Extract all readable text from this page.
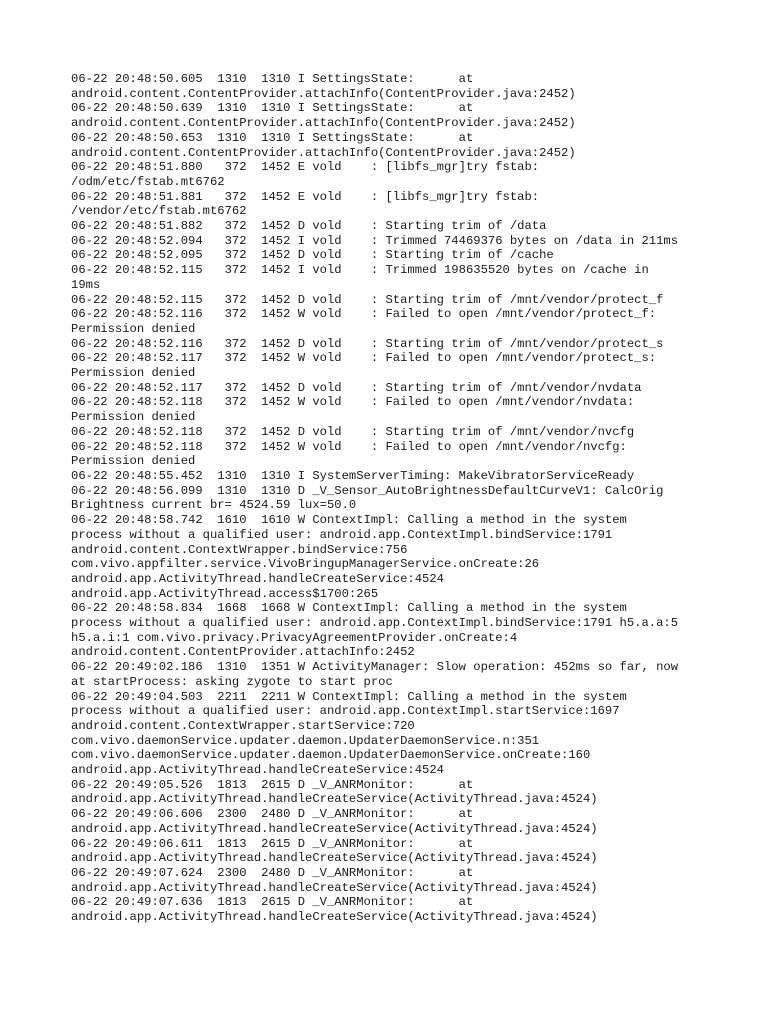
06-22 20:48:50.605  1310  1310 I SettingsState:      at
android.content.ContentProvider.attachInfo(ContentProvider.java:2452)
06-22 20:48:50.639  1310  1310 I SettingsState:      at
android.content.ContentProvider.attachInfo(ContentProvider.java:2452)
06-22 20:48:50.653  1310  1310 I SettingsState:      at
android.content.ContentProvider.attachInfo(ContentProvider.java:2452)
06-22 20:48:51.880   372  1452 E vold    : [libfs_mgr]try fstab:
/odm/etc/fstab.mt6762
06-22 20:48:51.881   372  1452 E vold    : [libfs_mgr]try fstab:
/vendor/etc/fstab.mt6762
06-22 20:48:51.882   372  1452 D vold    : Starting trim of /data
06-22 20:48:52.094   372  1452 I vold    : Trimmed 74469376 bytes on /data in 211ms
06-22 20:48:52.095   372  1452 D vold    : Starting trim of /cache
06-22 20:48:52.115   372  1452 I vold    : Trimmed 198635520 bytes on /cache in
19ms
06-22 20:48:52.115   372  1452 D vold    : Starting trim of /mnt/vendor/protect_f
06-22 20:48:52.116   372  1452 W vold    : Failed to open /mnt/vendor/protect_f:
Permission denied
06-22 20:48:52.116   372  1452 D vold    : Starting trim of /mnt/vendor/protect_s
06-22 20:48:52.117   372  1452 W vold    : Failed to open /mnt/vendor/protect_s:
Permission denied
06-22 20:48:52.117   372  1452 D vold    : Starting trim of /mnt/vendor/nvdata
06-22 20:48:52.118   372  1452 W vold    : Failed to open /mnt/vendor/nvdata:
Permission denied
06-22 20:48:52.118   372  1452 D vold    : Starting trim of /mnt/vendor/nvcfg
06-22 20:48:52.118   372  1452 W vold    : Failed to open /mnt/vendor/nvcfg:
Permission denied
06-22 20:48:55.452  1310  1310 I SystemServerTiming: MakeVibratorServiceReady
06-22 20:48:56.099  1310  1310 D _V_Sensor_AutoBrightnessDefaultCurveV1: CalcOrig
Brightness current br= 4524.59 lux=50.0
06-22 20:48:58.742  1610  1610 W ContextImpl: Calling a method in the system
process without a qualified user: android.app.ContextImpl.bindService:1791
android.content.ContextWrapper.bindService:756
com.vivo.appfilter.service.VivoBringupManagerService.onCreate:26
android.app.ActivityThread.handleCreateService:4524
android.app.ActivityThread.access$1700:265
06-22 20:48:58.834  1668  1668 W ContextImpl: Calling a method in the system
process without a qualified user: android.app.ContextImpl.bindService:1791 h5.a.a:5
h5.a.i:1 com.vivo.privacy.PrivacyAgreementProvider.onCreate:4
android.content.ContentProvider.attachInfo:2452
06-22 20:49:02.186  1310  1351 W ActivityManager: Slow operation: 452ms so far, now
at startProcess: asking zygote to start proc
06-22 20:49:04.503  2211  2211 W ContextImpl: Calling a method in the system
process without a qualified user: android.app.ContextImpl.startService:1697
android.content.ContextWrapper.startService:720
com.vivo.daemonService.updater.daemon.UpdaterDaemonService.n:351
com.vivo.daemonService.updater.daemon.UpdaterDaemonService.onCreate:160
android.app.ActivityThread.handleCreateService:4524
06-22 20:49:05.526  1813  2615 D _V_ANRMonitor:      at
android.app.ActivityThread.handleCreateService(ActivityThread.java:4524)
06-22 20:49:06.606  2300  2480 D _V_ANRMonitor:      at
android.app.ActivityThread.handleCreateService(ActivityThread.java:4524)
06-22 20:49:06.611  1813  2615 D _V_ANRMonitor:      at
android.app.ActivityThread.handleCreateService(ActivityThread.java:4524)
06-22 20:49:07.624  2300  2480 D _V_ANRMonitor:      at
android.app.ActivityThread.handleCreateService(ActivityThread.java:4524)
06-22 20:49:07.636  1813  2615 D _V_ANRMonitor:      at
android.app.ActivityThread.handleCreateService(ActivityThread.java:4524)
